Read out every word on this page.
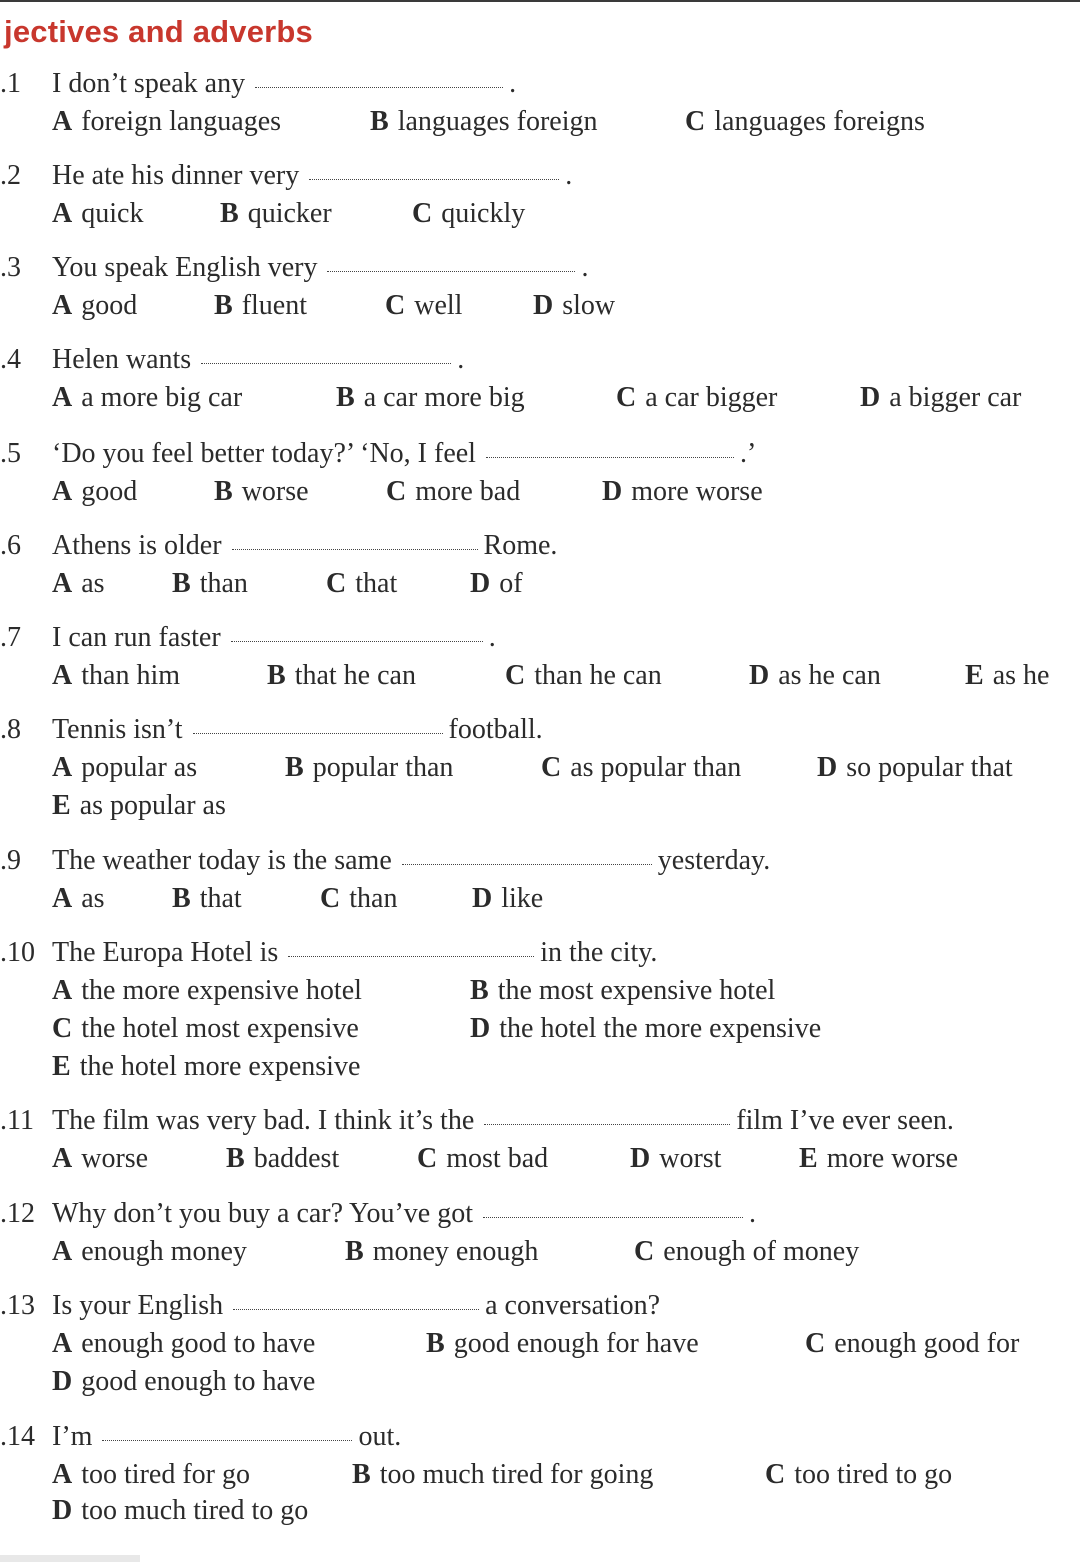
jectives and adverbs
.1 I don’t speak any	.
A foreign languages	B languages foreign	C languages foreigns
.2 He ate his dinner very	.
A quick	B quicker	C quickly
.3 You speak English very	.
A good	B fluent	C well	D slow
.4 Helen wants	.
A a more big car	B a car more big	C a car bigger	D a bigger car
.5 ‘Do you feel better today?’ ‘No, I feel	.’
A good	B worse	C more bad	D more worse
.6 Athens is older	Rome.
A as B than	C that	D of
.7 I can run faster	.
A than him	B that he can	C than he can	D as he can	E as he
.8 Tennis isn’t	football.
A popular as	B popular than	C as popular than	D so popular that
E as popular as
.9 The weather today is the same	yesterday.
A as B that	C than	D like
.10 The Europa Hotel is	in the city.
A the more expensive hotel	B the most expensive hotel
C the hotel most expensive	D the hotel the more expensive
E the hotel more expensive
.11 The film was very bad. I think it’s the	film I’ve ever seen.
A worse	B baddest	C most bad	D worst	E more worse
.12 Why don’t you buy a car? You’ve got	.
A enough money	B money enough	C enough of money
.13 Is your English	a conversation?
A enough good to have	B good enough for have	C enough good for
D good enough to have
.14 I’m	out.
A too tired for go	B too much tired for going	C too tired to go
D too much tired to go
